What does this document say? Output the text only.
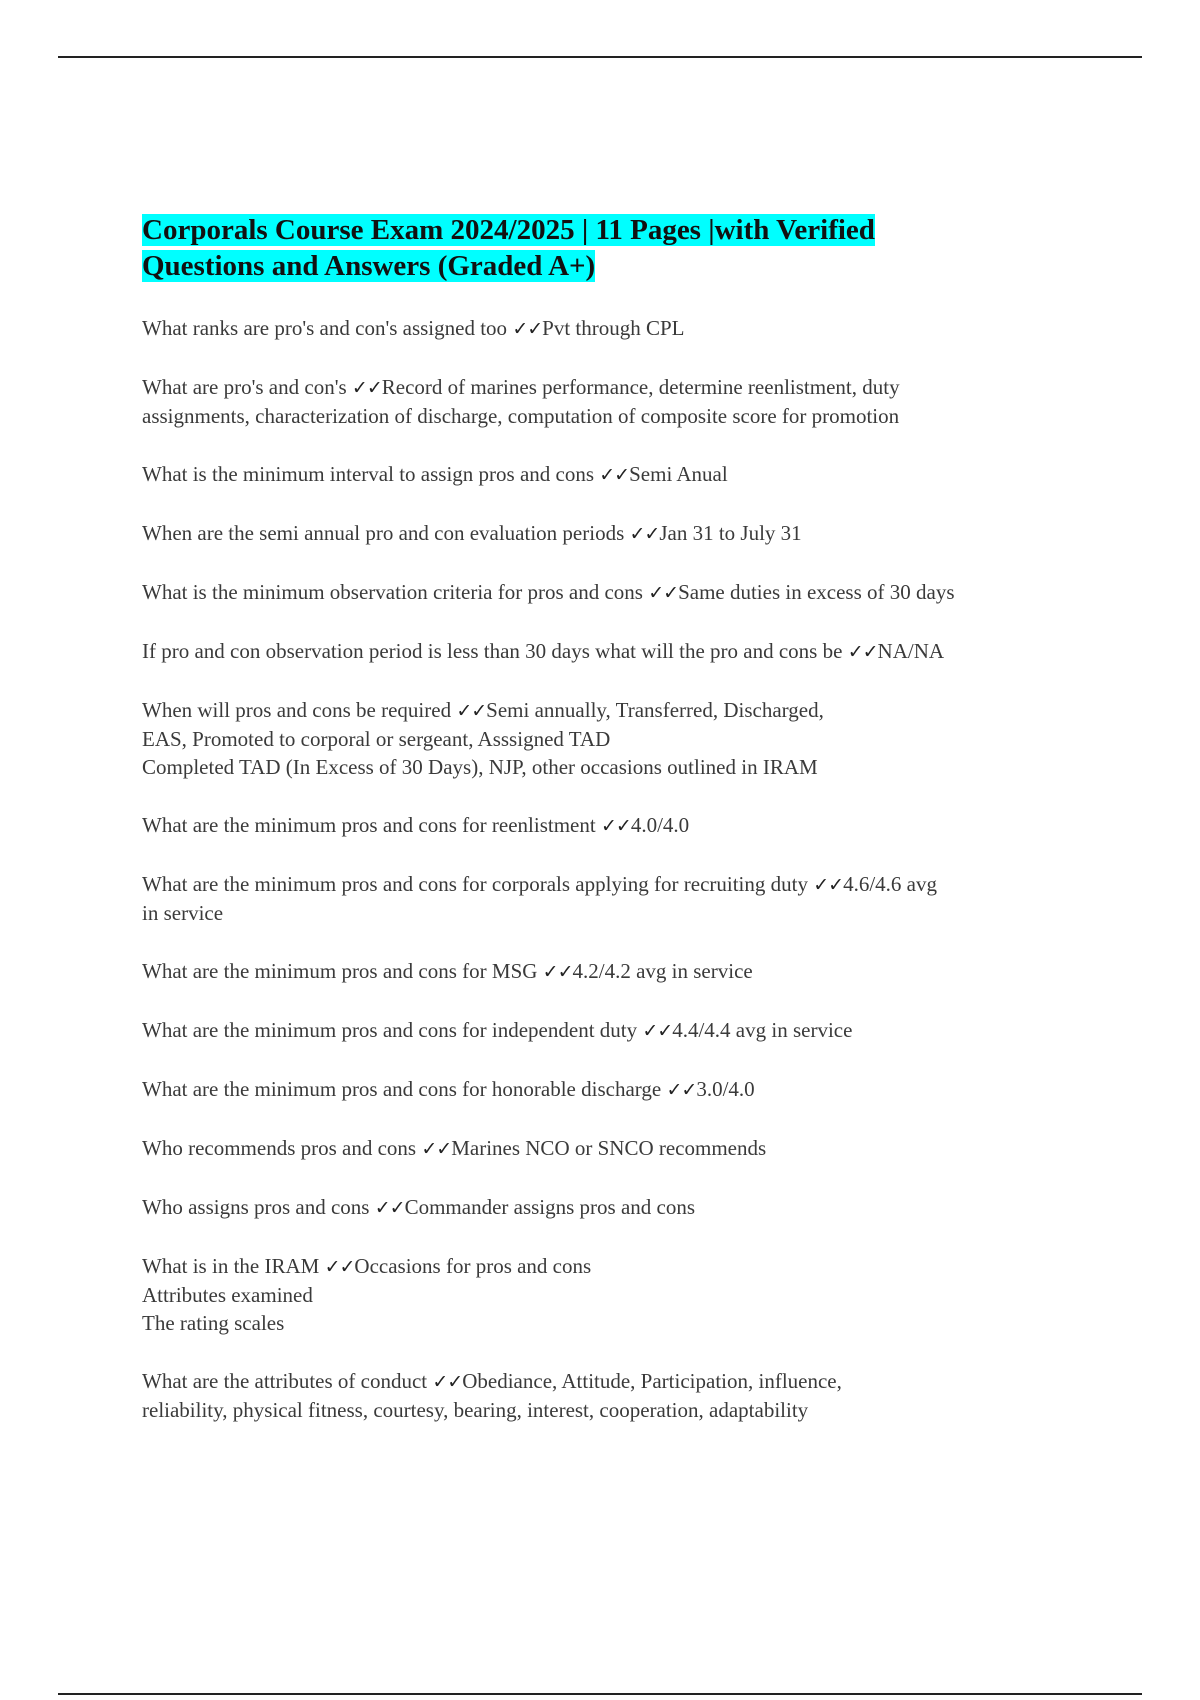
Corporals Course Exam 2024/2025 | 11 Pages |with Verified
Questions and Answers (Graded A+)

What ranks are pro's and con's assigned too ✓✓Pvt through CPL

What are pro's and con's ✓✓Record of marines performance, determine reenlistment, duty
assignments, characterization of discharge, computation of composite score for promotion

What is the minimum interval to assign pros and cons ✓✓Semi Anual

When are the semi annual pro and con evaluation periods ✓✓Jan 31 to July 31

What is the minimum observation criteria for pros and cons ✓✓Same duties in excess of 30 days

If pro and con observation period is less than 30 days what will the pro and cons be ✓✓NA/NA

When will pros and cons be required ✓✓Semi annually, Transferred, Discharged,
EAS, Promoted to corporal or sergeant, Asssigned TAD
Completed TAD (In Excess of 30 Days), NJP, other occasions outlined in IRAM

What are the minimum pros and cons for reenlistment ✓✓4.0/4.0

What are the minimum pros and cons for corporals applying for recruiting duty ✓✓4.6/4.6 avg
in service

What are the minimum pros and cons for MSG ✓✓4.2/4.2 avg in service

What are the minimum pros and cons for independent duty ✓✓4.4/4.4 avg in service

What are the minimum pros and cons for honorable discharge ✓✓3.0/4.0

Who recommends pros and cons ✓✓Marines NCO or SNCO recommends

Who assigns pros and cons ✓✓Commander assigns pros and cons

What is in the IRAM ✓✓Occasions for pros and cons
Attributes examined
The rating scales

What are the attributes of conduct ✓✓Obediance, Attitude, Participation, influence,
reliability, physical fitness, courtesy, bearing, interest, cooperation, adaptability
